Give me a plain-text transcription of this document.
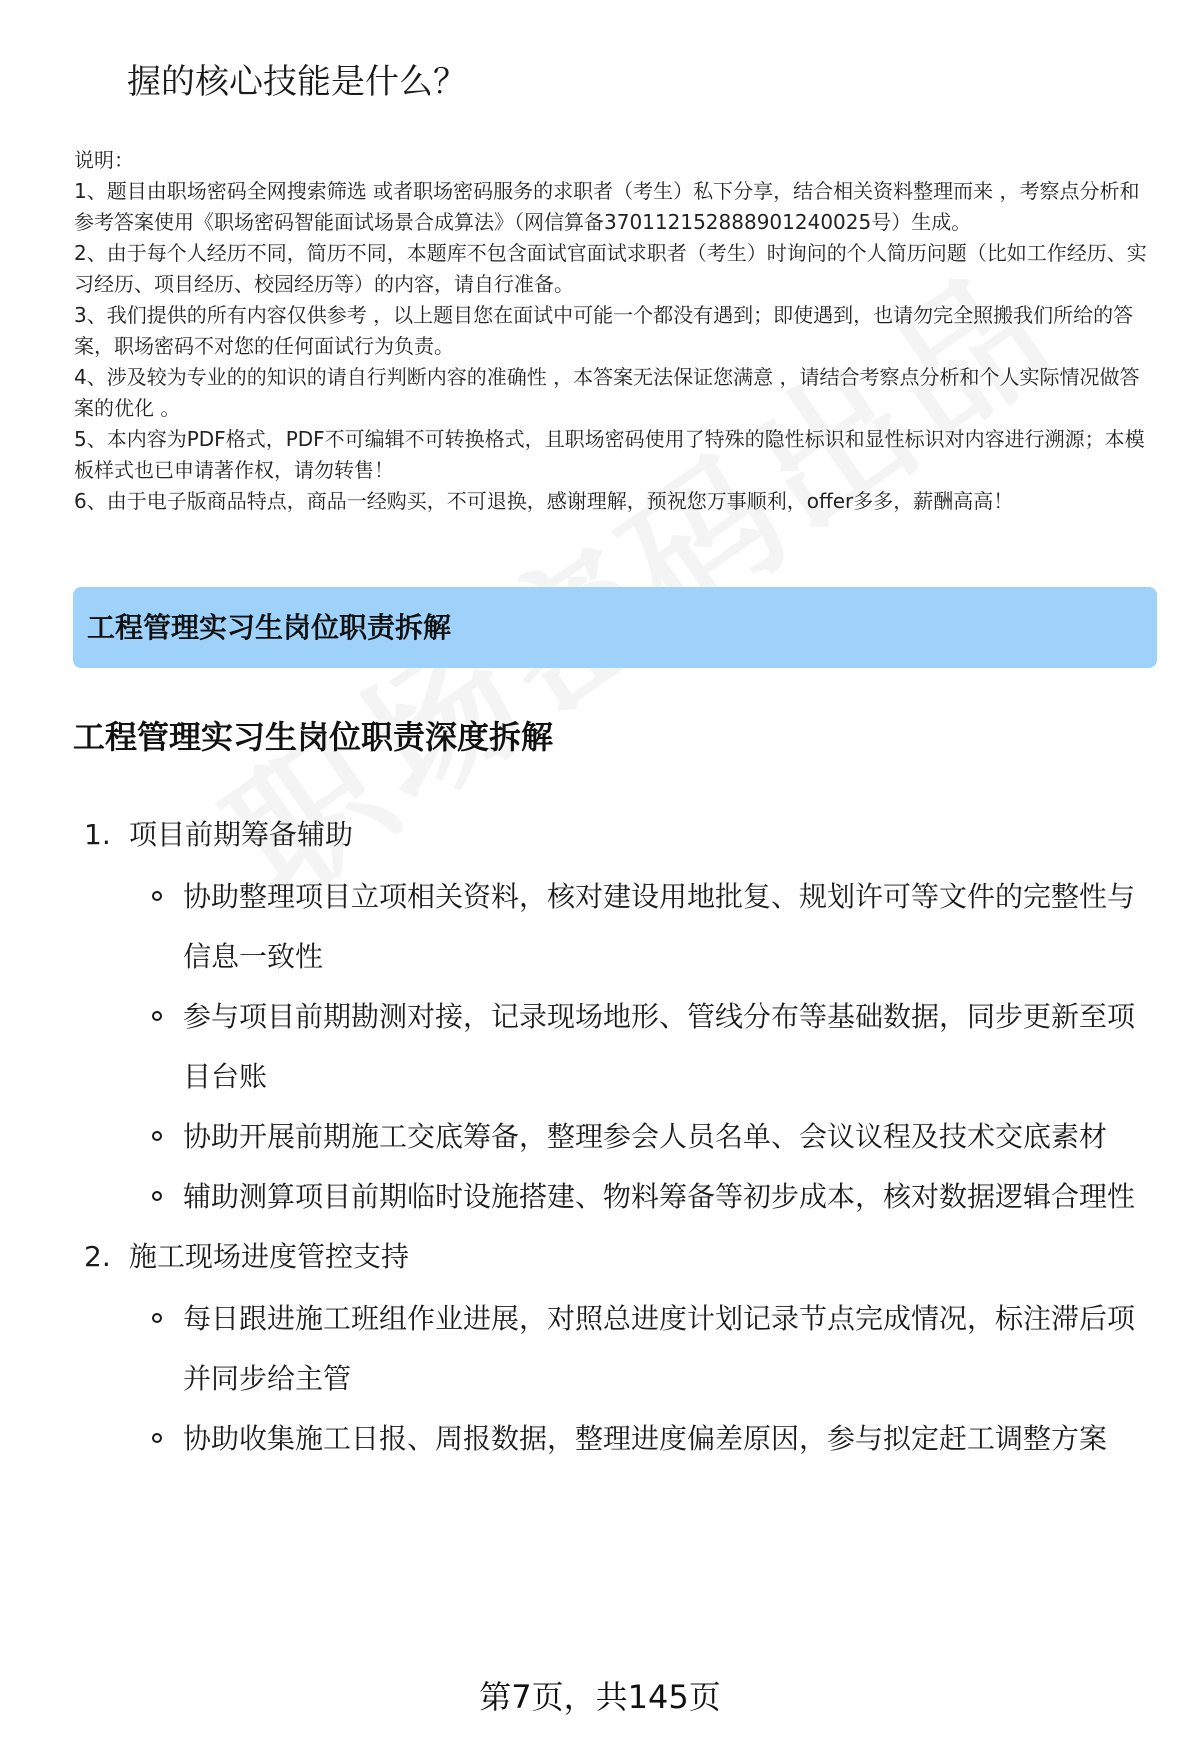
握的核心技能是什么？

说明：

1、题目由职场密码全网搜索筛选 或者职场密码服务的求职者（考生）私下分享，结合相关资料整理而来 ，考察点分析和参考答案使用《职场密码智能面试场景合成算法》（网信算备370112152888901240025号）生成。

2、由于每个人经历不同，简历不同，本题库不包含面试官面试求职者（考生）时询问的个人简历问题（比如工作经历、实习经历、项目经历、校园经历等）的内容，请自行准备。

3、我们提供的所有内容仅供参考 ，以上题目您在面试中可能一个都没有遇到；即使遇到，也请勿完全照搬我们所给的答案，职场密码不对您的任何面试行为负责。

4、涉及较为专业的的知识的请自行判断内容的准确性 ，本答案无法保证您满意 ，请结合考察点分析和个人实际情况做答案的优化 。

5、本内容为PDF格式，PDF不可编辑不可转换格式，且职场密码使用了特殊的隐性标识和显性标识对内容进行溯源；本模板样式也已申请著作权，请勿转售！

6、由于电子版商品特点，商品一经购买，不可退换，感谢理解，预祝您万事顺利，offer多多，薪酬高高！

工程管理实习生岗位职责拆解
工程管理实习生岗位职责深度拆解
1. 项目前期筹备辅助
协助整理项目立项相关资料，核对建设用地批复、规划许可等文件的完整性与信息一致性
参与项目前期勘测对接，记录现场地形、管线分布等基础数据，同步更新至项目台账
协助开展前期施工交底筹备，整理参会人员名单、会议议程及技术交底素材
辅助测算项目前期临时设施搭建、物料筹备等初步成本，核对数据逻辑合理性
2. 施工现场进度管控支持
每日跟进施工班组作业进展，对照总进度计划记录节点完成情况，标注滞后项并同步给主管
协助收集施工日报、周报数据，整理进度偏差原因，参与拟定赶工调整方案
第7页，共145页
